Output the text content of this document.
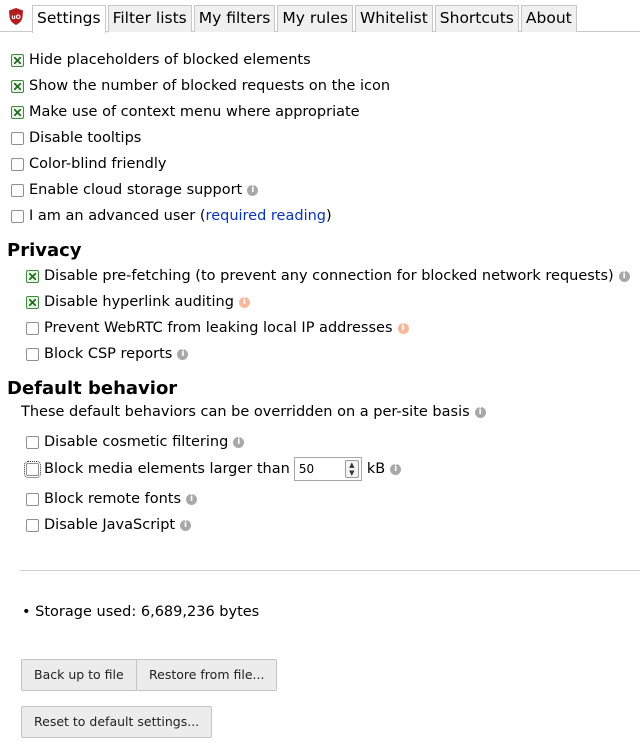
uO	Settings Filter lists My filters My rules Whitelist Shortcuts About
Hide placeholders of blocked elements
Show the number of blocked requests on the icon
Make use of context menu where appropriate
Disable tooltips
Color-blind friendly
Enable cloud storage support i
I am an advanced user ( required reading )
Privacy
Disable pre-fetching (to prevent any connection for blocked network requests) i
Disable hyperlink auditing i
Prevent WebRTC from leaking local IP addresses i
Block CSP reports i
Default behavior
These default behaviors can be overridden on a per-site basis i
Disable cosmetic filtering i
Block media elements larger than 50	▲
▼ kB i
Block remote fonts i
Disable JavaScript i
• Storage used: 6,689,236 bytes
Back up to file	Restore from file...
Reset to default settings...
